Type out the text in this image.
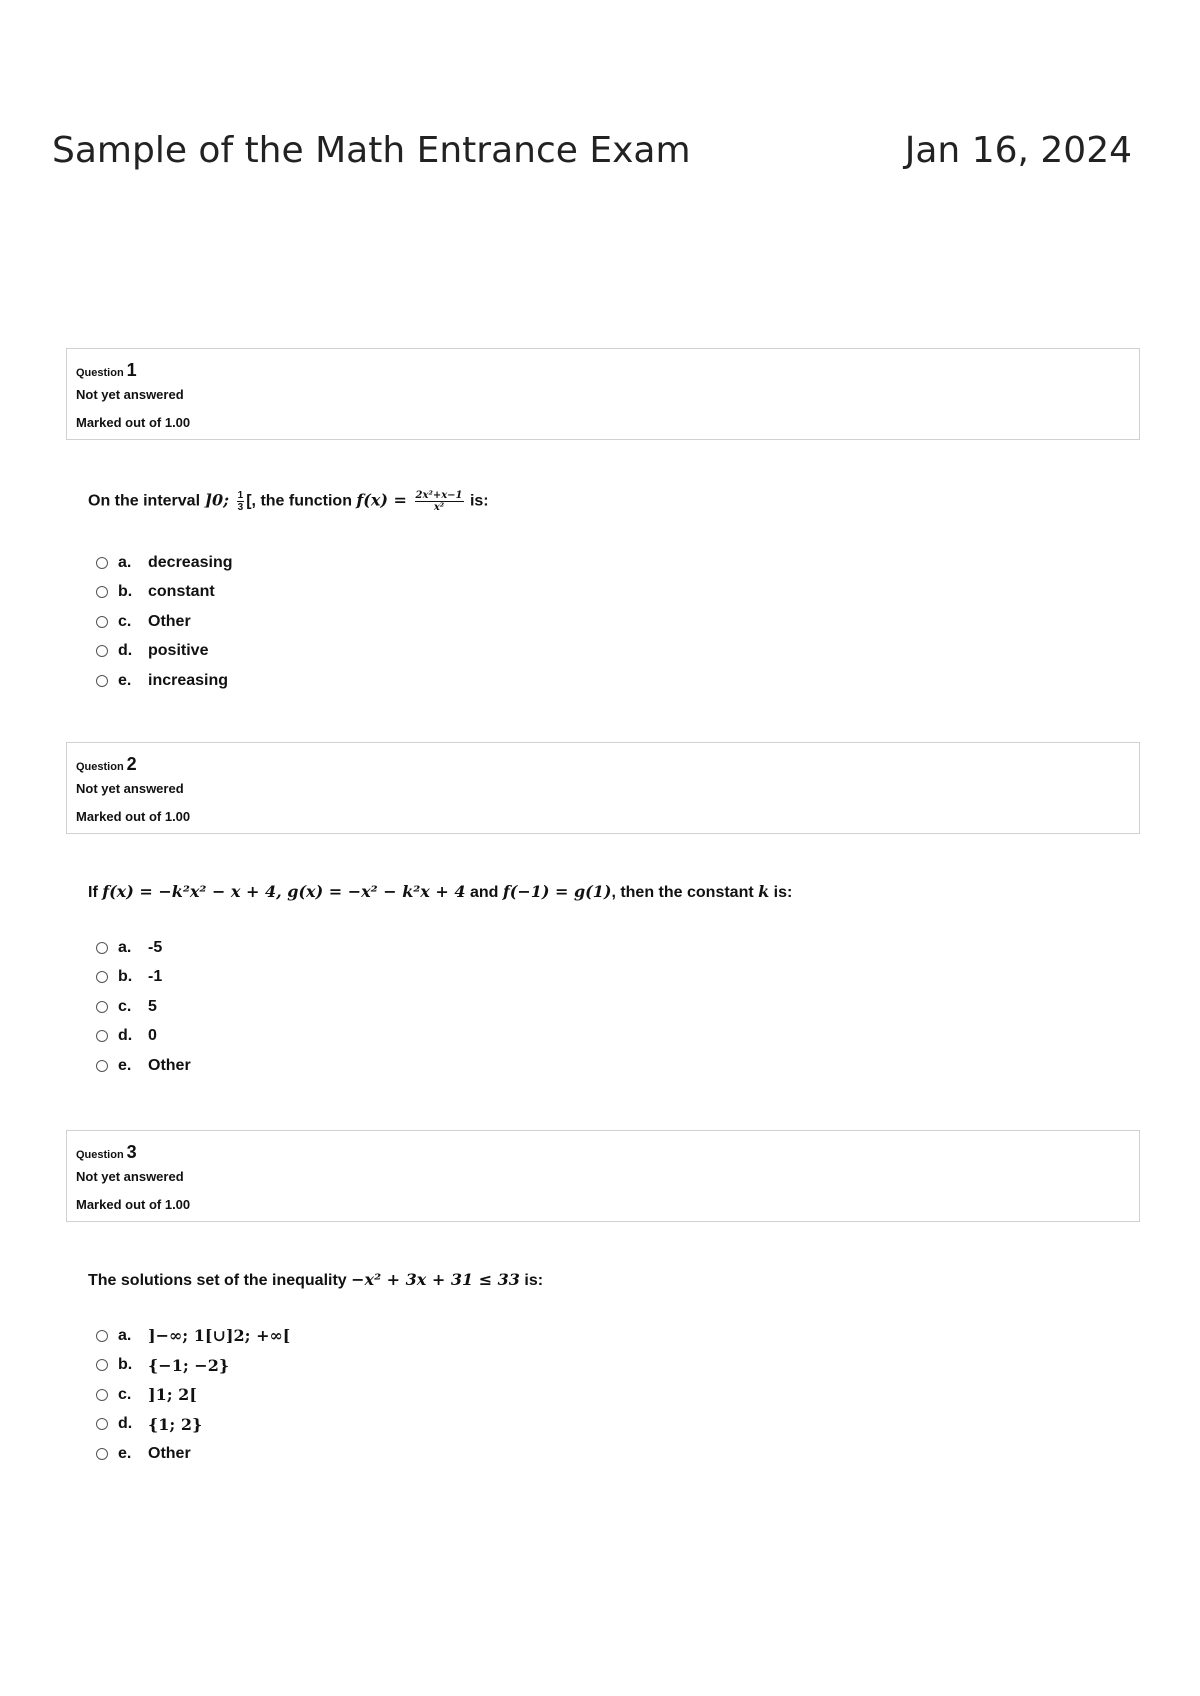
Sample of the Math Entrance Exam	Jan 16, 2024
Question 1
Not yet answered
Marked out of 1.00
On the interval ]0; $\frac{1}{3}$ [, the function $f(x) = \frac{\text{2x²+x−1}}{\text{x²}}$ is:
a.	decreasing
b. constant
c.	Other
d. positive
e.	increasing
Question 2
Not yet answered
Marked out of 1.00
If f(x) = −k²x² − x + 4, g(x) = −x² − k²x + 4 and f(−1) = g(1), then the constant k is:
a.	-5
b. -1
c.	5
d. 0
e.	Other
Question 3
Not yet answered
Marked out of 1.00
The solutions set of the inequality −x² + 3x + 31 ≤ 33 is:
a.	]−∞; 1[∪]2; +∞[
b. {−1; −2}
c.	]1; 2[
d. {1; 2}
e.	Other
